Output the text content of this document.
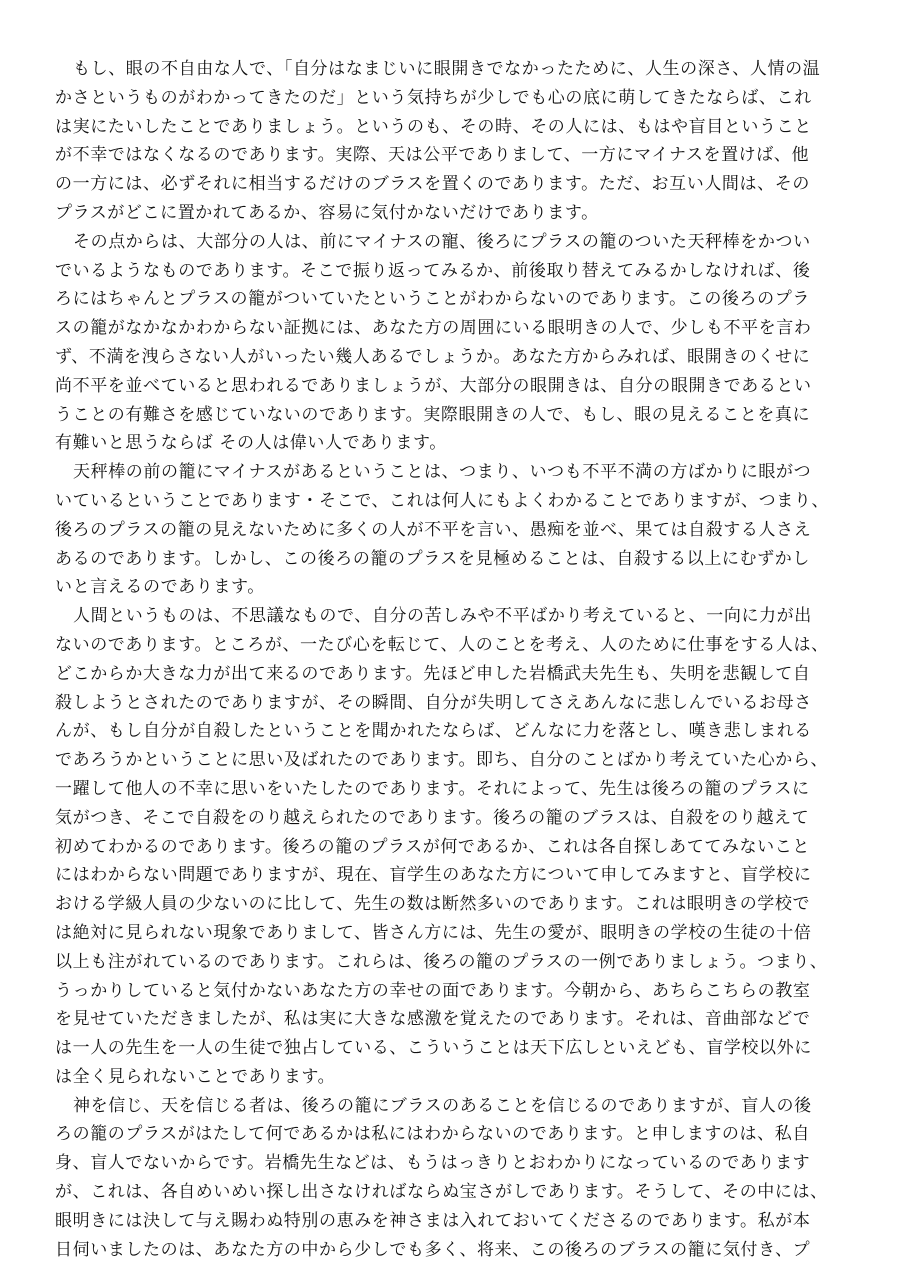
もし、眼の不自由な人で、「自分はなまじいに眼開きでなかったために、人生の深さ、人情の温
かさというものがわかってきたのだ」という気持ちが少しでも心の底に萌してきたならば、これ
は実にたいしたことでありましょう。というのも、その時、その人には、もはや盲目ということ
が不幸ではなくなるのであります。実際、天は公平でありまして、一方にマイナスを置けば、他
の一方には、必ずそれに相当するだけのブラスを置くのであります。ただ、お互い人間は、その
プラスがどこに置かれてあるか、容易に気付かないだけであります。
その点からは、大部分の人は、前にマイナスの寵、後ろにプラスの籠のついた天秤棒をかつい
でいるようなものであります。そこで振り返ってみるか、前後取り替えてみるかしなければ、後
ろにはちゃんとプラスの籠がついていたということがわからないのであります。この後ろのプラ
スの籠がなかなかわからない証拠には、あなた方の周囲にいる眼明きの人で、少しも不平を言わ
ず、不満を洩らさない人がいったい幾人あるでしょうか。あなた方からみれば、眼開きのくせに
尚不平を並べていると思われるでありましょうが、大部分の眼開きは、自分の眼開きであるとい
うことの有難さを感じていないのであります。実際眼開きの人で、もし、眼の見えることを真に
有難いと思うならば その人は偉い人であります。
天秤棒の前の籠にマイナスがあるということは、つまり、いつも不平不満の方ばかりに眼がつ
いているということであります・そこで、これは何人にもよくわかることでありますが、つまり、
後ろのプラスの籠の見えないために多くの人が不平を言い、愚痴を並べ、果ては自殺する人さえ
あるのであります。しかし、この後ろの籠のプラスを見極めることは、自殺する以上にむずかし
いと言えるのであります。
人間というものは、不思議なもので、自分の苦しみや不平ばかり考えていると、一向に力が出
ないのであります。ところが、一たび心を転じて、人のことを考え、人のために仕事をする人は、
どこからか大きな力が出て来るのであります。先ほど申した岩橋武夫先生も、失明を悲観して自
殺しようとされたのでありますが、その瞬間、自分が失明してさえあんなに悲しんでいるお母さ
んが、もし自分が自殺したということを聞かれたならば、どんなに力を落とし、嘆き悲しまれる
であろうかということに思い及ばれたのであります。即ち、自分のことばかり考えていた心から、
一躍して他人の不幸に思いをいたしたのであります。それによって、先生は後ろの籠のプラスに
気がつき、そこで自殺をのり越えられたのであります。後ろの籠のブラスは、自殺をのり越えて
初めてわかるのであります。後ろの籠のプラスが何であるか、これは各自探しあててみないこと
にはわからない問題でありますが、現在、盲学生のあなた方について申してみますと、盲学校に
おける学級人員の少ないのに比して、先生の数は断然多いのであります。これは眼明きの学校で
は絶対に見られない現象でありまして、皆さん方には、先生の愛が、眼明きの学校の生徒の十倍
以上も注がれているのであります。これらは、後ろの籠のプラスの一例でありましょう。つまり、
うっかりしていると気付かないあなた方の幸せの面であります。今朝から、あちらこちらの教室
を見せていただきましたが、私は実に大きな感激を覚えたのであります。それは、音曲部などで
は一人の先生を一人の生徒で独占している、こういうことは天下広しといえども、盲学校以外に
は全く見られないことであります。
神を信じ、天を信じる者は、後ろの籠にブラスのあることを信じるのでありますが、盲人の後
ろの籠のプラスがはたして何であるかは私にはわからないのであります。と申しますのは、私自
身、盲人でないからです。岩橋先生などは、もうはっきりとおわかりになっているのであります
が、これは、各自めいめい探し出さなければならぬ宝さがしであります。そうして、その中には、
眼明きには決して与え賜わぬ特別の恵みを神さまは入れておいてくださるのであります。私が本
日伺いましたのは、あなた方の中から少しでも多く、将来、この後ろのブラスの籠に気付き、プ
